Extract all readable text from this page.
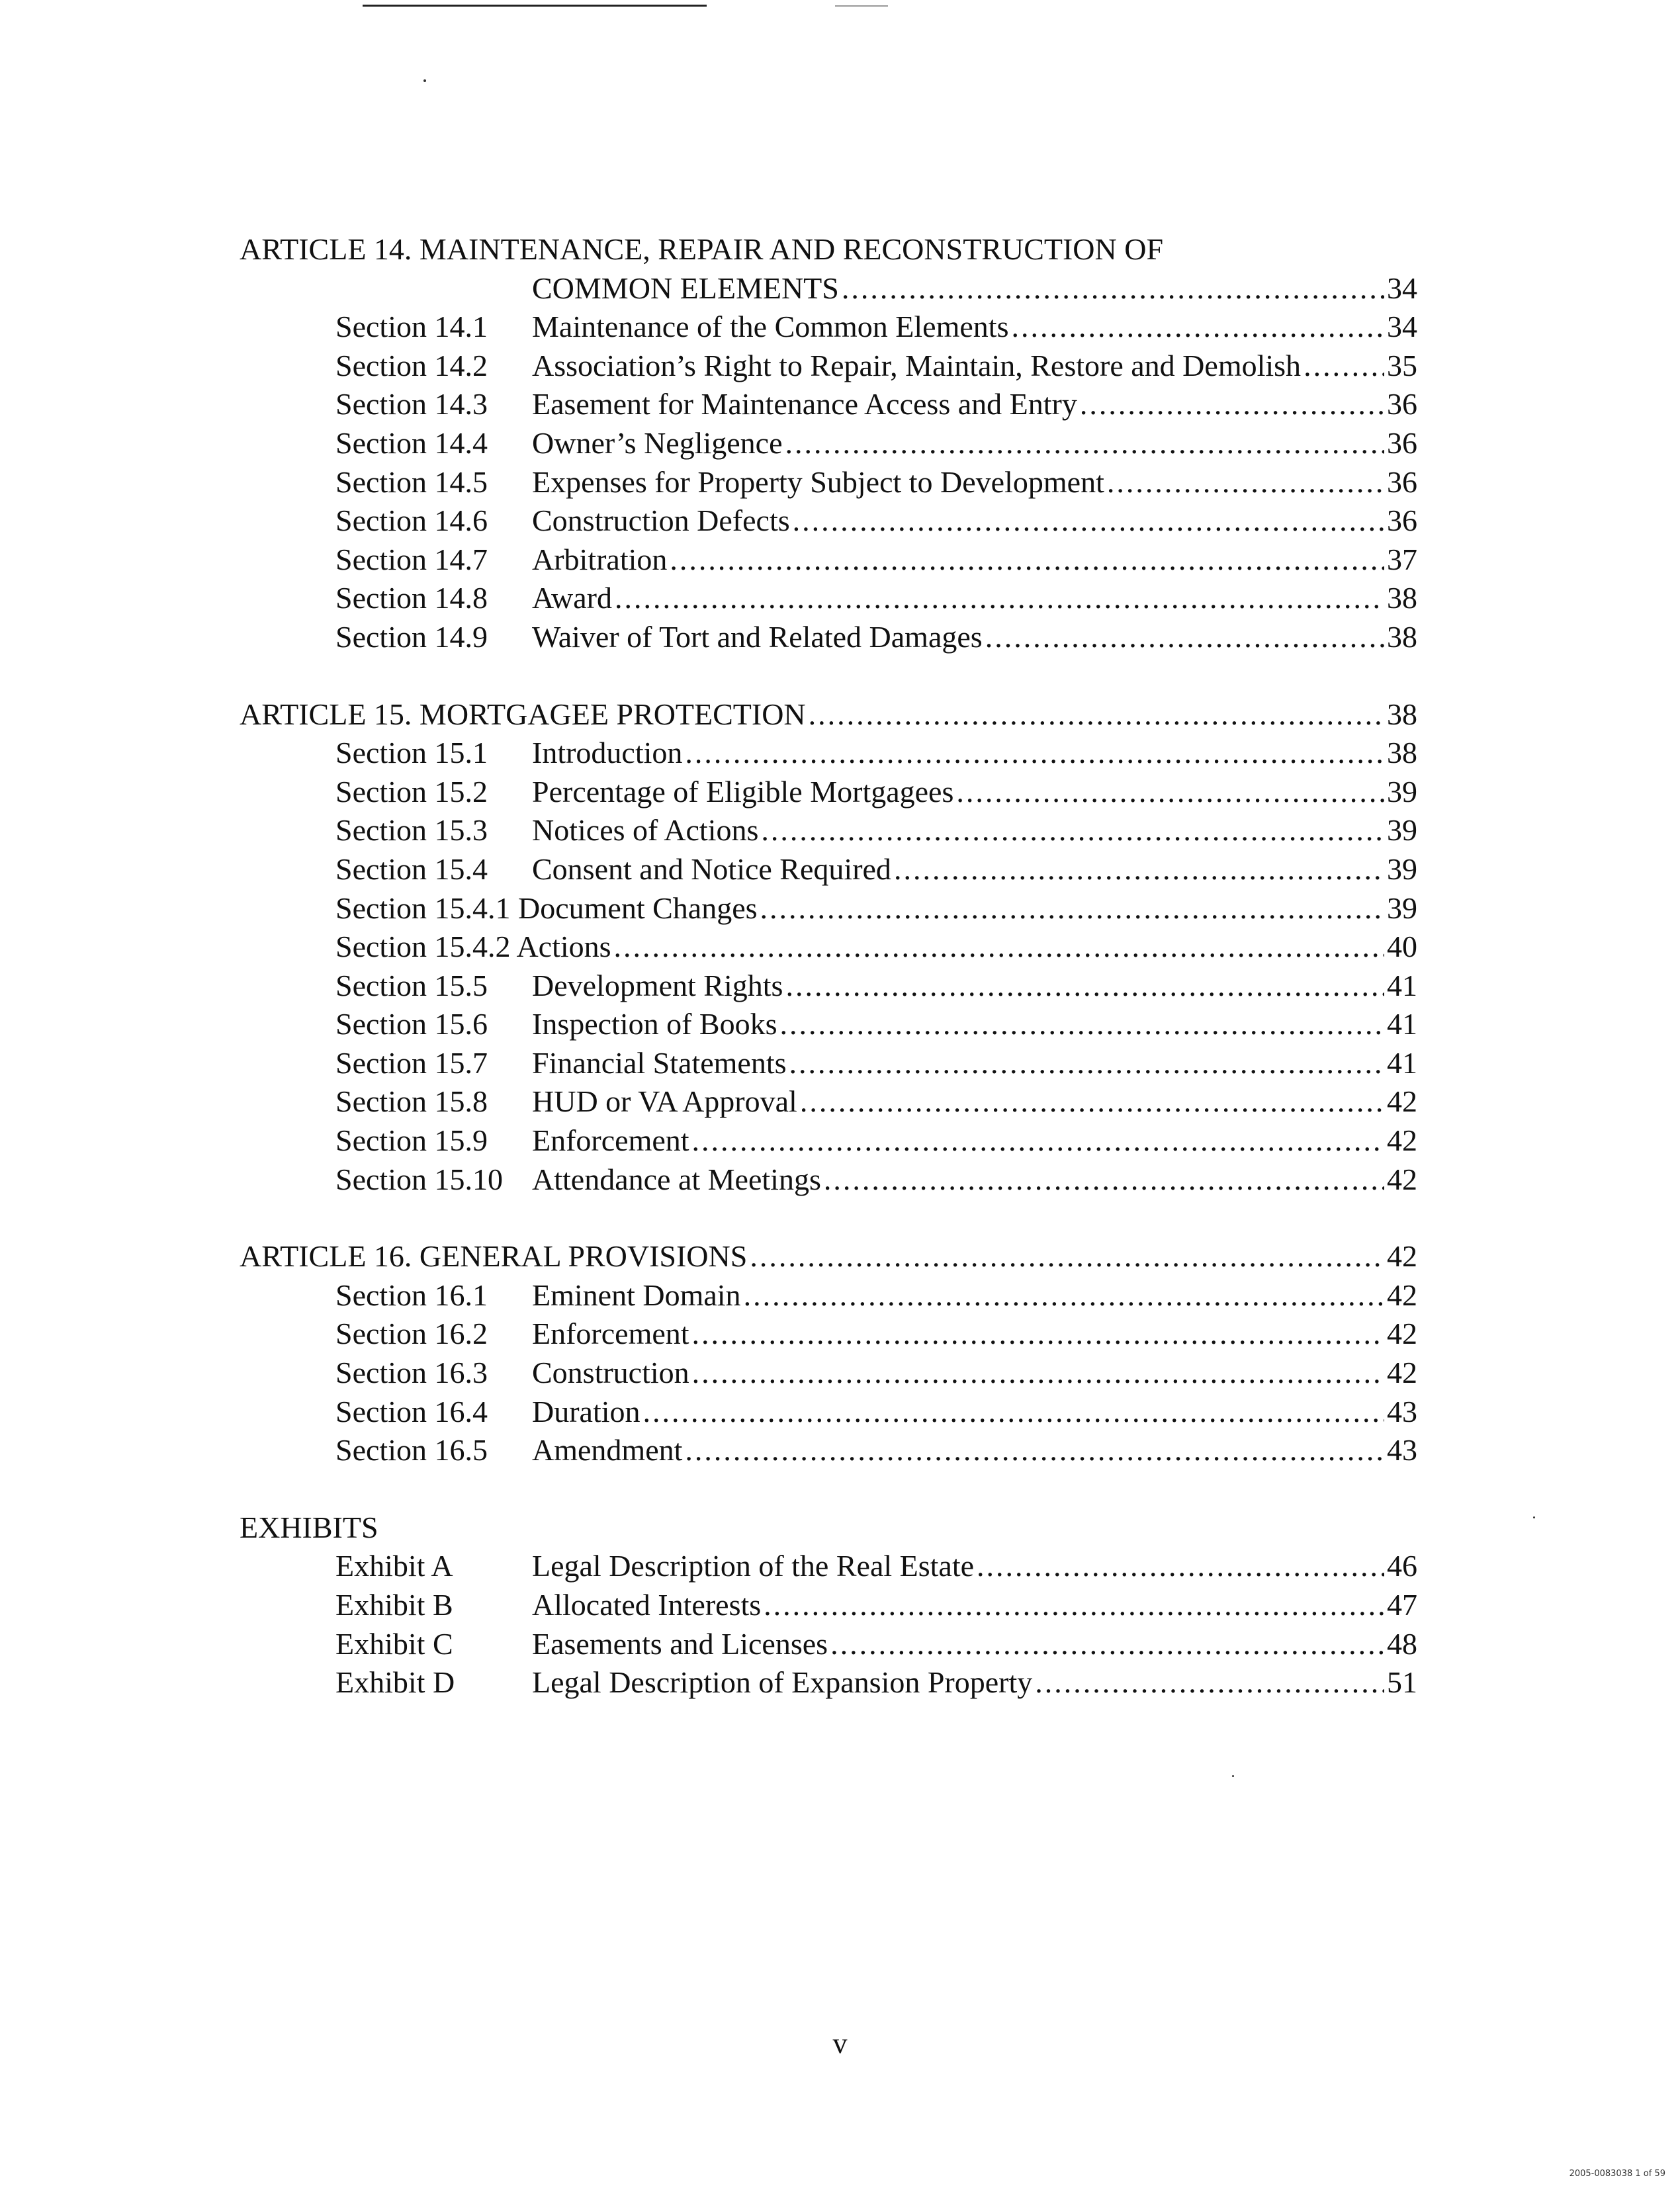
ARTICLE 14. MAINTENANCE, REPAIR AND RECONSTRUCTION OF
COMMON ELEMENTS .....	34
Section 14.1	Maintenance of the Common Elements .....	34
Section 14.2	Association’s Right to Repair, Maintain, Restore and Demolish .....	35
Section 14.3	Easement for Maintenance Access and Entry .....	36
Section 14.4	Owner’s Negligence .....	36
Section 14.5	Expenses for Property Subject to Development .....	36
Section 14.6	Construction Defects .....	36
Section 14.7	Arbitration .....	37
Section 14.8	Award .....	38
Section 14.9	Waiver of Tort and Related Damages .....	38
ARTICLE 15. MORTGAGEE PROTECTION .....	38
Section 15.1	Introduction .....	38
Section 15.2	Percentage of Eligible Mortgagees .....	39
Section 15.3	Notices of Actions .....	39
Section 15.4	Consent and Notice Required .....	39
Section 15.4.1 Document Changes .....	39
Section 15.4.2 Actions .....	40
Section 15.5	Development Rights .....	41
Section 15.6	Inspection of Books .....	41
Section 15.7	Financial Statements .....	41
Section 15.8	HUD or VA Approval .....	42
Section 15.9	Enforcement .....	42
Section 15.10 Attendance at Meetings .....	42
ARTICLE 16. GENERAL PROVISIONS .....	42
Section 16.1	Eminent Domain .....	42
Section 16.2	Enforcement .....	42
Section 16.3	Construction .....	42
Section 16.4	Duration .....	43
Section 16.5	Amendment .....	43
EXHIBITS
Exhibit A	Legal Description of the Real Estate .....	46
Exhibit B	Allocated Interests .....	47
Exhibit C	Easements and Licenses .....	48
Exhibit D	Legal Description of Expansion Property .....	51
v
2005-0083038 1 of 59
